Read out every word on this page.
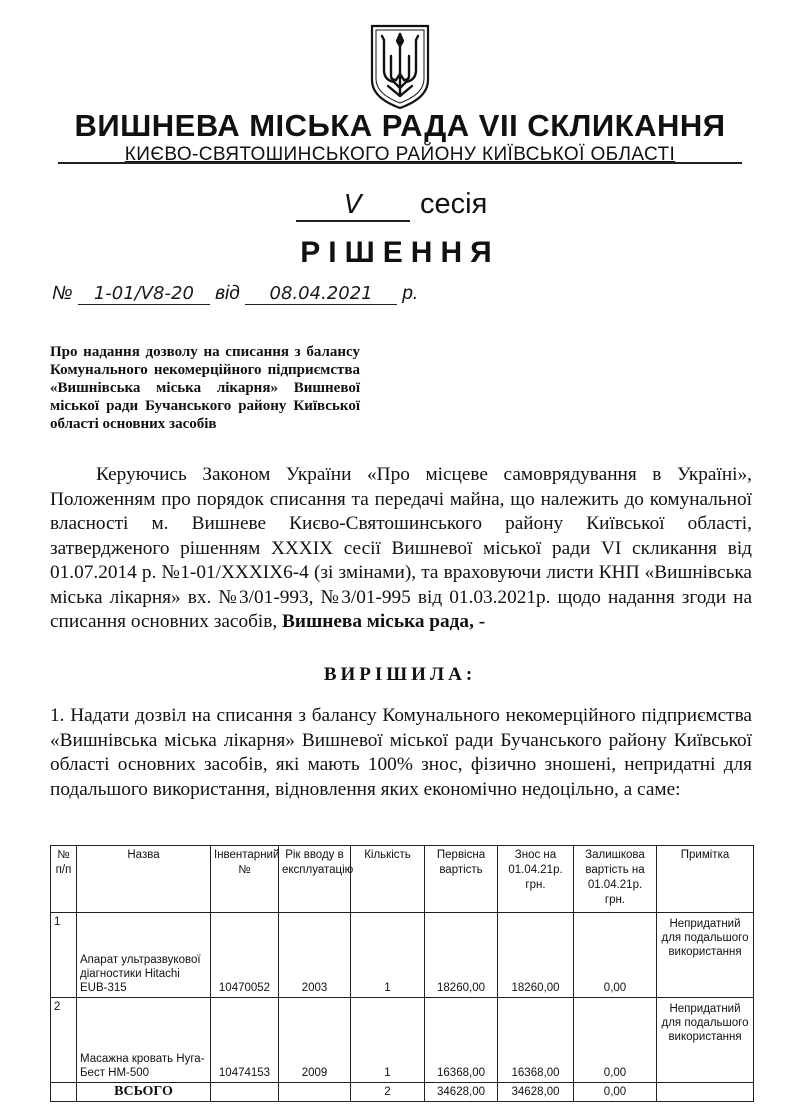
ВИШНЕВА МІСЬКА РАДА VII СКЛИКАННЯ
КИЄВО-СВЯТОШИНСЬКОГО РАЙОНУ КИЇВСЬКОЇ ОБЛАСТІ
V сесія
РІШЕННЯ
№ 1-01/V8-20 від 08.04.2021 р.
Про надання дозволу на списання з балансу Комунального некомерційного підприємства «Вишнівська міська лікарня» Вишневої міської ради Бучанського району Київської області основних засобів
Керуючись Законом України «Про місцеве самоврядування в Україні», Положенням про порядок списання та передачі майна, що належить до комунальної власності м. Вишневе Києво-Святошинського району Київської області, затвердженого рішенням XXXIX сесії Вишневої міської ради VI скликання від 01.07.2014 р. №1-01/XXXIX6-4 (зі змінами), та враховуючи листи КНП «Вишнівська міська лікарня» вх. №3/01-993, №3/01-995 від 01.03.2021р. щодо надання згоди на списання основних засобів, Вишнева міська рада, -
ВИРІШИЛА:
1. Надати дозвіл на списання з балансу Комунального некомерційного підприємства «Вишнівська міська лікарня» Вишневої міської ради Бучанського району Київської області основних засобів, які мають 100% знос, фізично зношені, непридатні для подальшого використання, відновлення яких економічно недоцільно, а саме:
№ п/п	Назва	Інвентарний №	Рік вводу в експлуатацію	Кількість	Первісна вартість	Знос на 01.04.21р. грн.	Залишкова вартість на 01.04.21р. грн.	Примітка
1	Апарат ультразвукової діагностики Hitachi EUB-315	10470052	2003	1	18260,00	18260,00	0,00	Непридатний для подальшого використання
2	Масажна кровать Нуга-Бест НМ-500	10474153	2009	1	16368,00	16368,00	0,00	Непридатний для подальшого використання
	ВСЬОГО			2	34628,00	34628,00	0,00	
